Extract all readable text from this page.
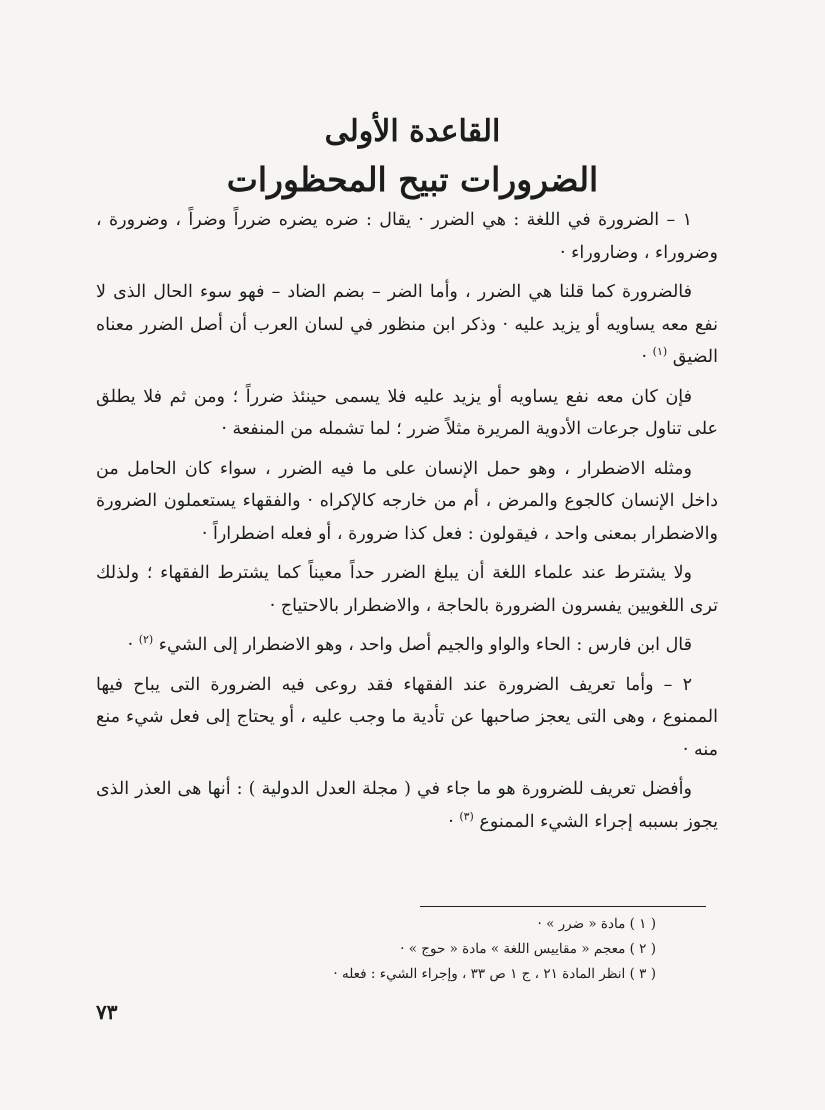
القاعدة الأولى
الضرورات تبيح المحظورات

١ – الضرورة في اللغة : هي الضرر · يقال : ضره يضره ضرراً وضراً ، وضرورة ، وضروراء ، وضاروراء ·

فالضرورة كما قلنا هي الضرر ، وأما الضر – بضم الضاد – فهو سوء الحال الذى لا نفع معه يساويه أو يزيد عليه · وذكر ابن منظور في لسان العرب أن أصل الضرر معناه الضيق $^{(١)}$ ·

فإن كان معه نفع يساويه أو يزيد عليه فلا يسمى حينئذ ضرراً ؛ ومن ثم فلا يطلق على تناول جرعات الأدوية المريرة مثلاً ضرر ؛ لما تشمله من المنفعة ·

ومثله الاضطرار ، وهو حمل الإنسان على ما فيه الضرر ، سواء كان الحامل من داخل الإنسان كالجوع والمرض ، أم من خارجه كالإكراه · والفقهاء يستعملون الضرورة والاضطرار بمعنى واحد ، فيقولون : فعل كذا ضرورة ، أو فعله اضطراراً ·

ولا يشترط عند علماء اللغة أن يبلغ الضرر حداً معيناً كما يشترط الفقهاء ؛ ولذلك ترى اللغويين يفسرون الضرورة بالحاجة ، والاضطرار بالاحتياج ·

قال ابن فارس : الحاء والواو والجيم أصل واحد ، وهو الاضطرار إلى الشيء $^{(٢)}$ ·

٢ – وأما تعريف الضرورة عند الفقهاء فقد روعى فيه الضرورة التى يباح فيها الممنوع ، وهى التى يعجز صاحبها عن تأدية ما وجب عليه ، أو يحتاج إلى فعل شيء منع منه ·

وأفضل تعريف للضرورة هو ما جاء في ( مجلة العدل الدولية ) : أنها هى العذر الذى يجوز بسببه إجراء الشيء الممنوع $^{(٣)}$ ·

( ١ ) مادة « ضرر » ·
( ٢ ) معجم « مقاييس اللغة » مادة « حوج » ·
( ٣ ) انظر المادة ٢١ ، ج ١ ص ٣٣ ، وإجراء الشيء : فعله ·
٧٣
